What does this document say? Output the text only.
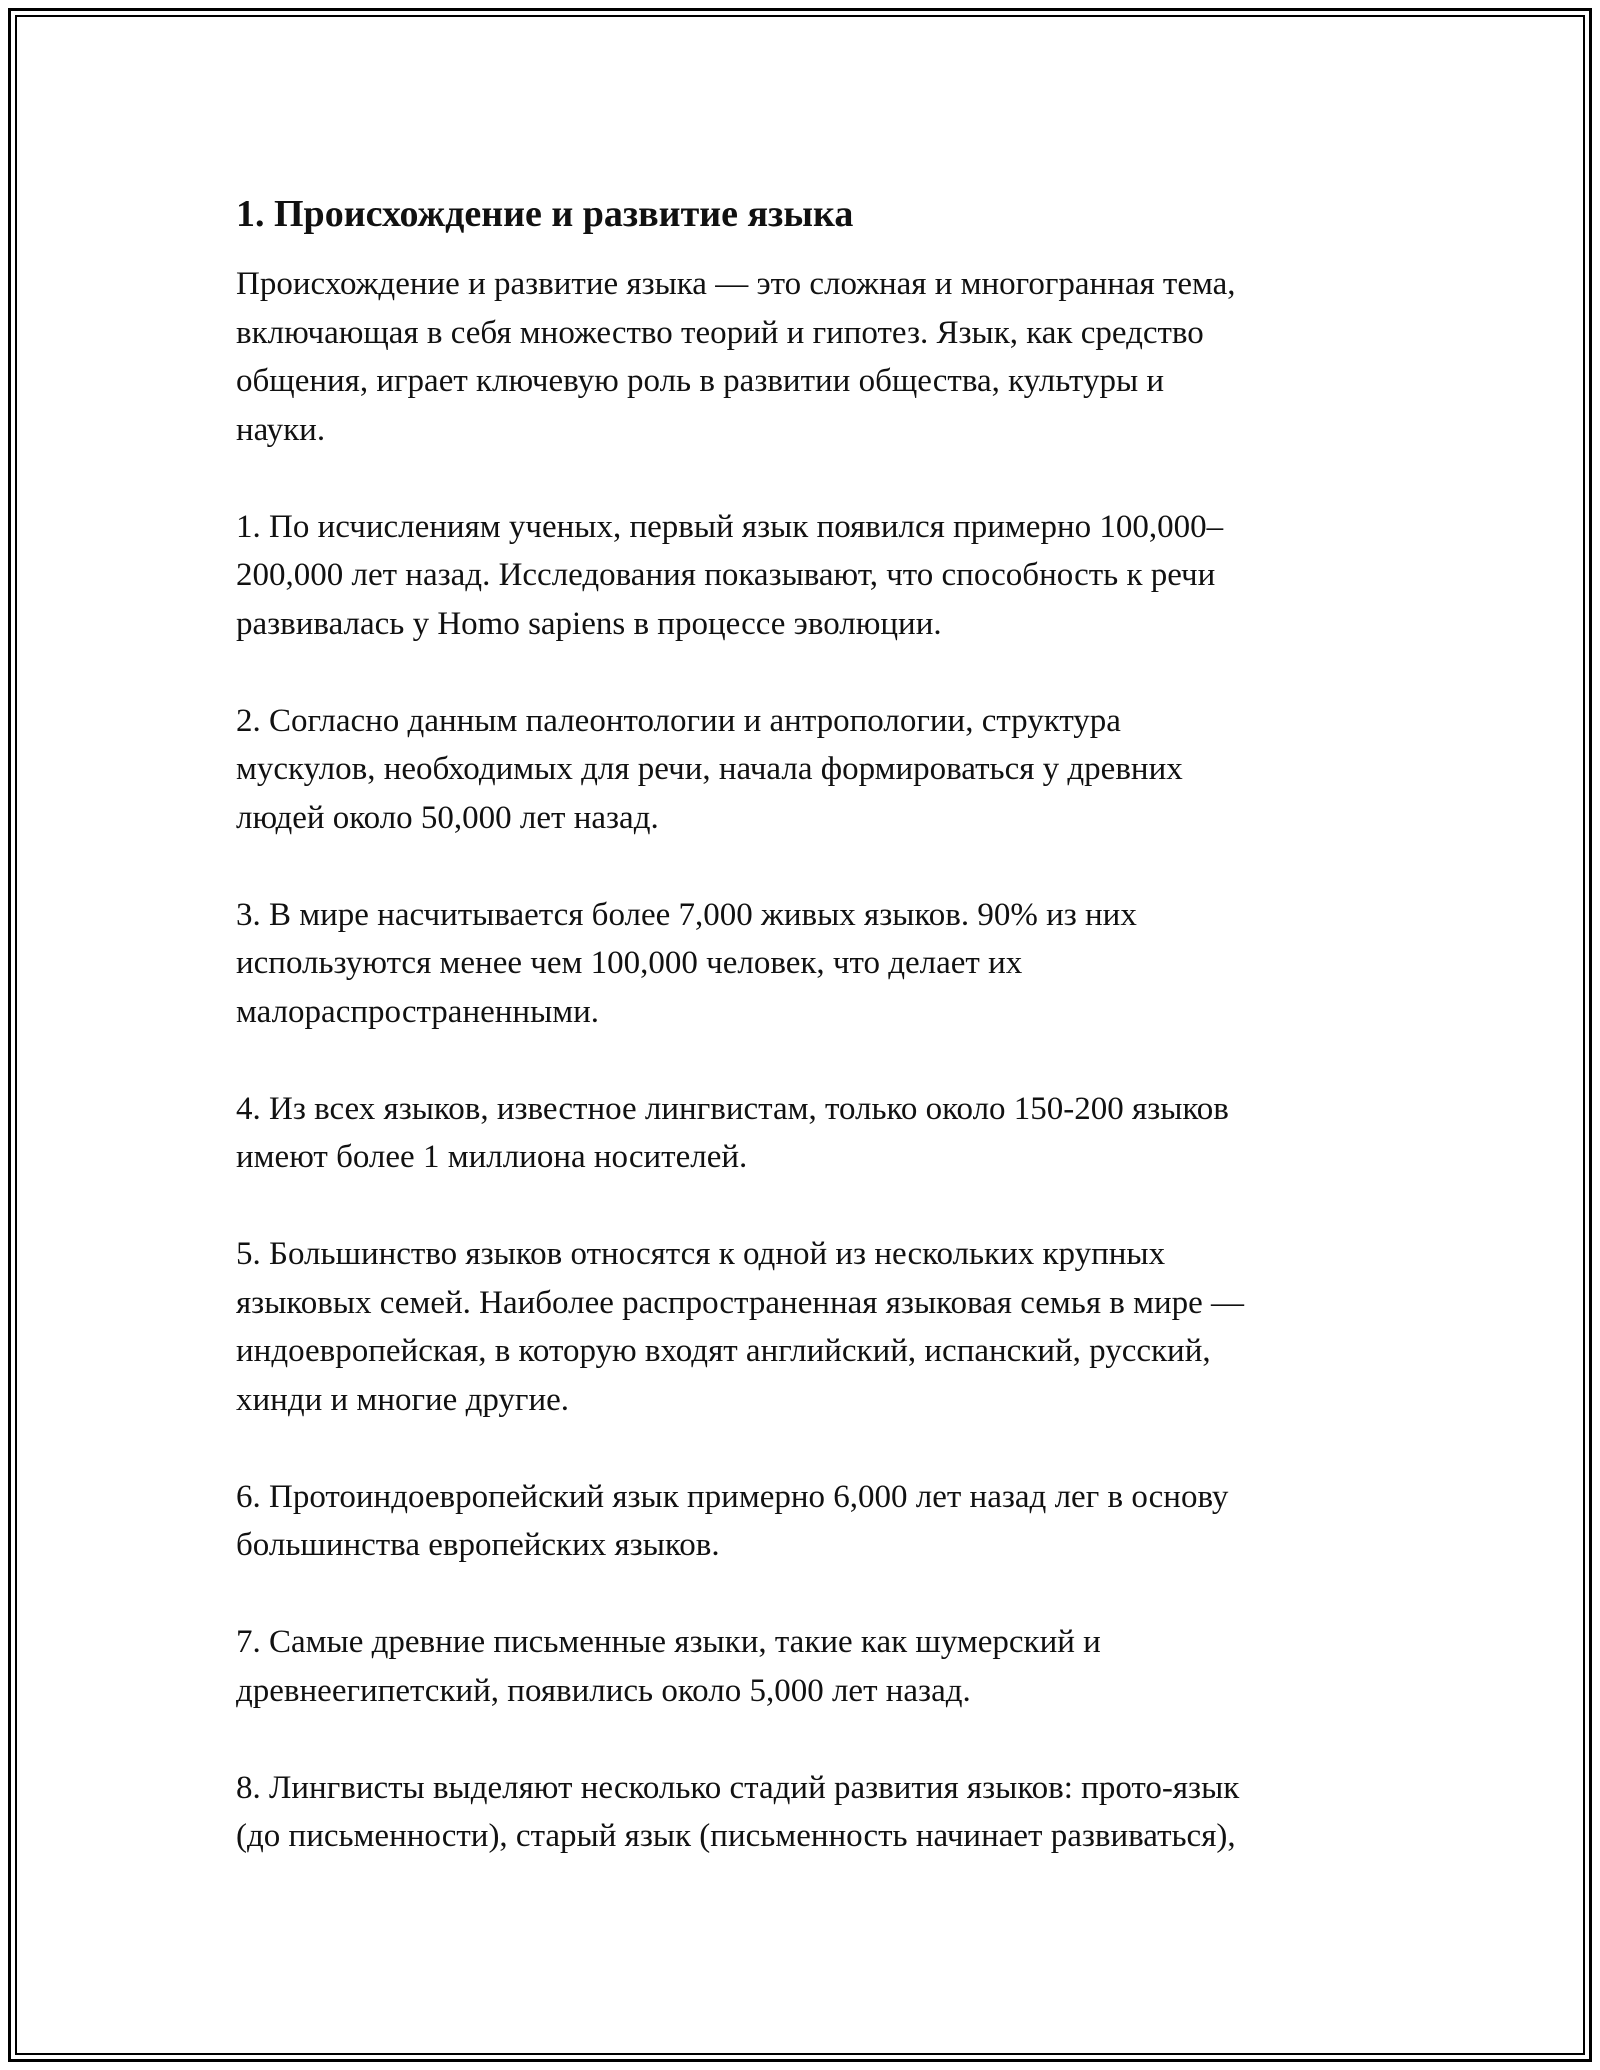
1. Происхождение и развитие языка

Происхождение и развитие языка — это сложная и многогранная тема,
включающая в себя множество теорий и гипотез. Язык, как средство
общения, играет ключевую роль в развитии общества, культуры и
науки.

1. По исчислениям ученых, первый язык появился примерно 100,000–
200,000 лет назад. Исследования показывают, что способность к речи
развивалась у Homo sapiens в процессе эволюции.

2. Согласно данным палеонтологии и антропологии, структура
мускулов, необходимых для речи, начала формироваться у древних
людей около 50,000 лет назад.

3. В мире насчитывается более 7,000 живых языков. 90% из них
используются менее чем 100,000 человек, что делает их
малораспространенными.

4. Из всех языков, известное лингвистам, только около 150-200 языков
имеют более 1 миллиона носителей.

5. Большинство языков относятся к одной из нескольких крупных
языковых семей. Наиболее распространенная языковая семья в мире —
индоевропейская, в которую входят английский, испанский, русский,
хинди и многие другие.

6. Протоиндоевропейский язык примерно 6,000 лет назад лег в основу
большинства европейских языков.

7. Самые древние письменные языки, такие как шумерский и
древнеегипетский, появились около 5,000 лет назад.

8. Лингвисты выделяют несколько стадий развития языков: прото-язык
(до письменности), старый язык (письменность начинает развиваться),
